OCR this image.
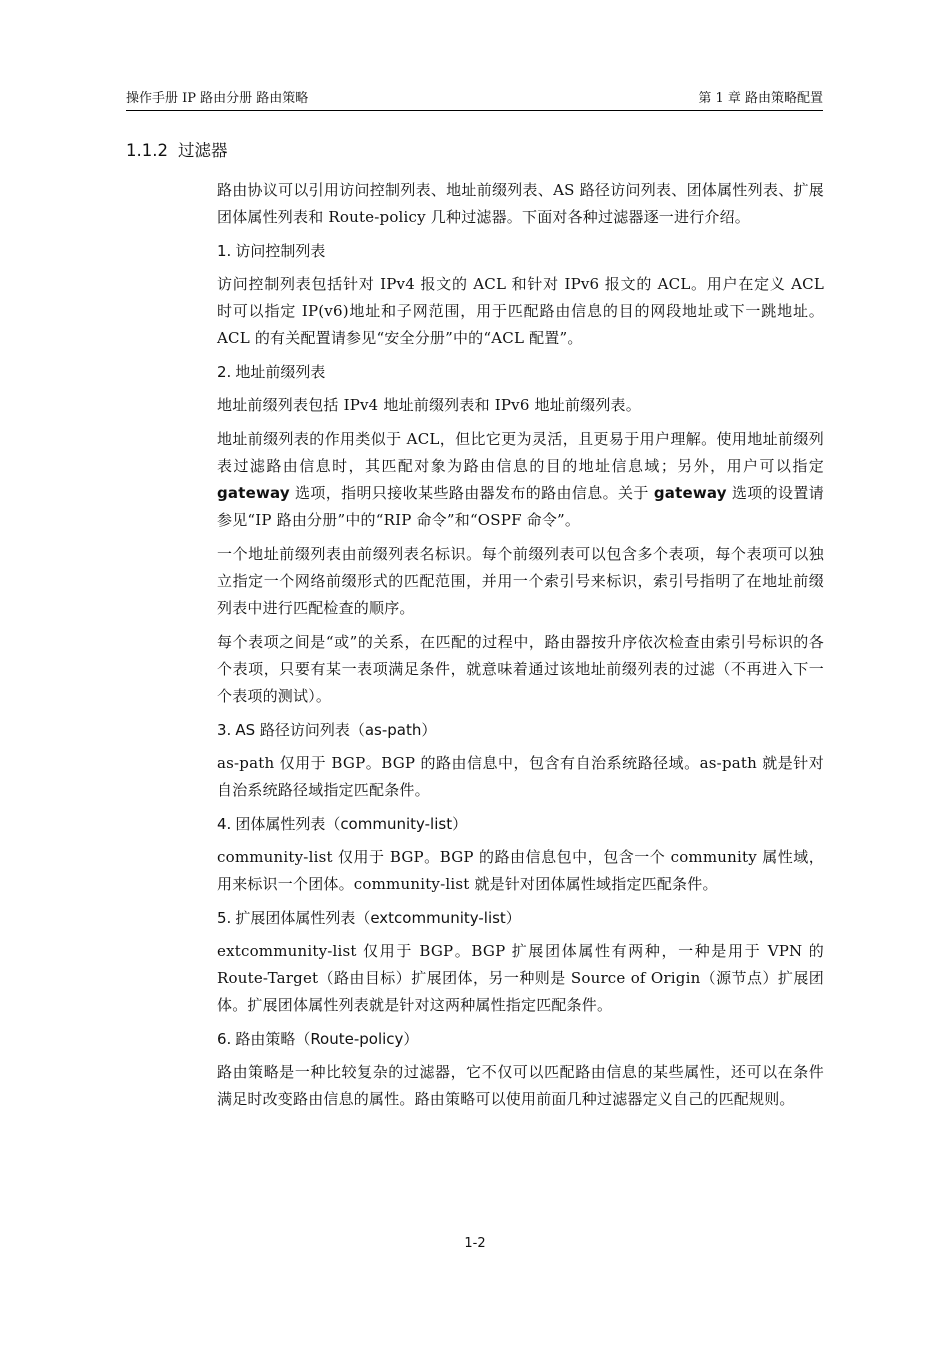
操作手册 IP 路由分册 路由策略	第 1 章 路由策略配置
1.1.2 过滤器

路由协议可以引用访问控制列表、地址前缀列表、AS 路径访问列表、团体属性列表、扩展团体属性列表和 Route-policy 几种过滤器。下面对各种过滤器逐一进行介绍。

1. 访问控制列表

访问控制列表包括针对 IPv4 报文的 ACL 和针对 IPv6 报文的 ACL。用户在定义 ACL 时可以指定 IP(v6)地址和子网范围，用于匹配路由信息的目的网段地址或下一跳地址。ACL 的有关配置请参见“安全分册”中的“ACL 配置”。

2. 地址前缀列表

地址前缀列表包括 IPv4 地址前缀列表和 IPv6 地址前缀列表。

地址前缀列表的作用类似于 ACL，但比它更为灵活，且更易于用户理解。使用地址前缀列表过滤路由信息时，其匹配对象为路由信息的目的地址信息域；另外，用户可以指定 gateway 选项，指明只接收某些路由器发布的路由信息。关于 gateway 选项的设置请参见“IP 路由分册”中的“RIP 命令”和“OSPF 命令”。

一个地址前缀列表由前缀列表名标识。每个前缀列表可以包含多个表项，每个表项可以独立指定一个网络前缀形式的匹配范围，并用一个索引号来标识，索引号指明了在地址前缀列表中进行匹配检查的顺序。

每个表项之间是“或”的关系，在匹配的过程中，路由器按升序依次检查由索引号标识的各个表项，只要有某一表项满足条件，就意味着通过该地址前缀列表的过滤（不再进入下一个表项的测试）。

3. AS 路径访问列表（as-path）

as-path 仅用于 BGP。BGP 的路由信息中，包含有自治系统路径域。as-path 就是针对自治系统路径域指定匹配条件。

4. 团体属性列表（community-list）

community-list 仅用于 BGP。BGP 的路由信息包中，包含一个 community 属性域，用来标识一个团体。community-list 就是针对团体属性域指定匹配条件。

5. 扩展团体属性列表（extcommunity-list）

extcommunity-list 仅用于 BGP。BGP 扩展团体属性有两种，一种是用于 VPN 的 Route-Target（路由目标）扩展团体，另一种则是 Source of Origin（源节点）扩展团体。扩展团体属性列表就是针对这两种属性指定匹配条件。

6. 路由策略（Route-policy）

路由策略是一种比较复杂的过滤器，它不仅可以匹配路由信息的某些属性，还可以在条件满足时改变路由信息的属性。路由策略可以使用前面几种过滤器定义自己的匹配规则。

1-2
